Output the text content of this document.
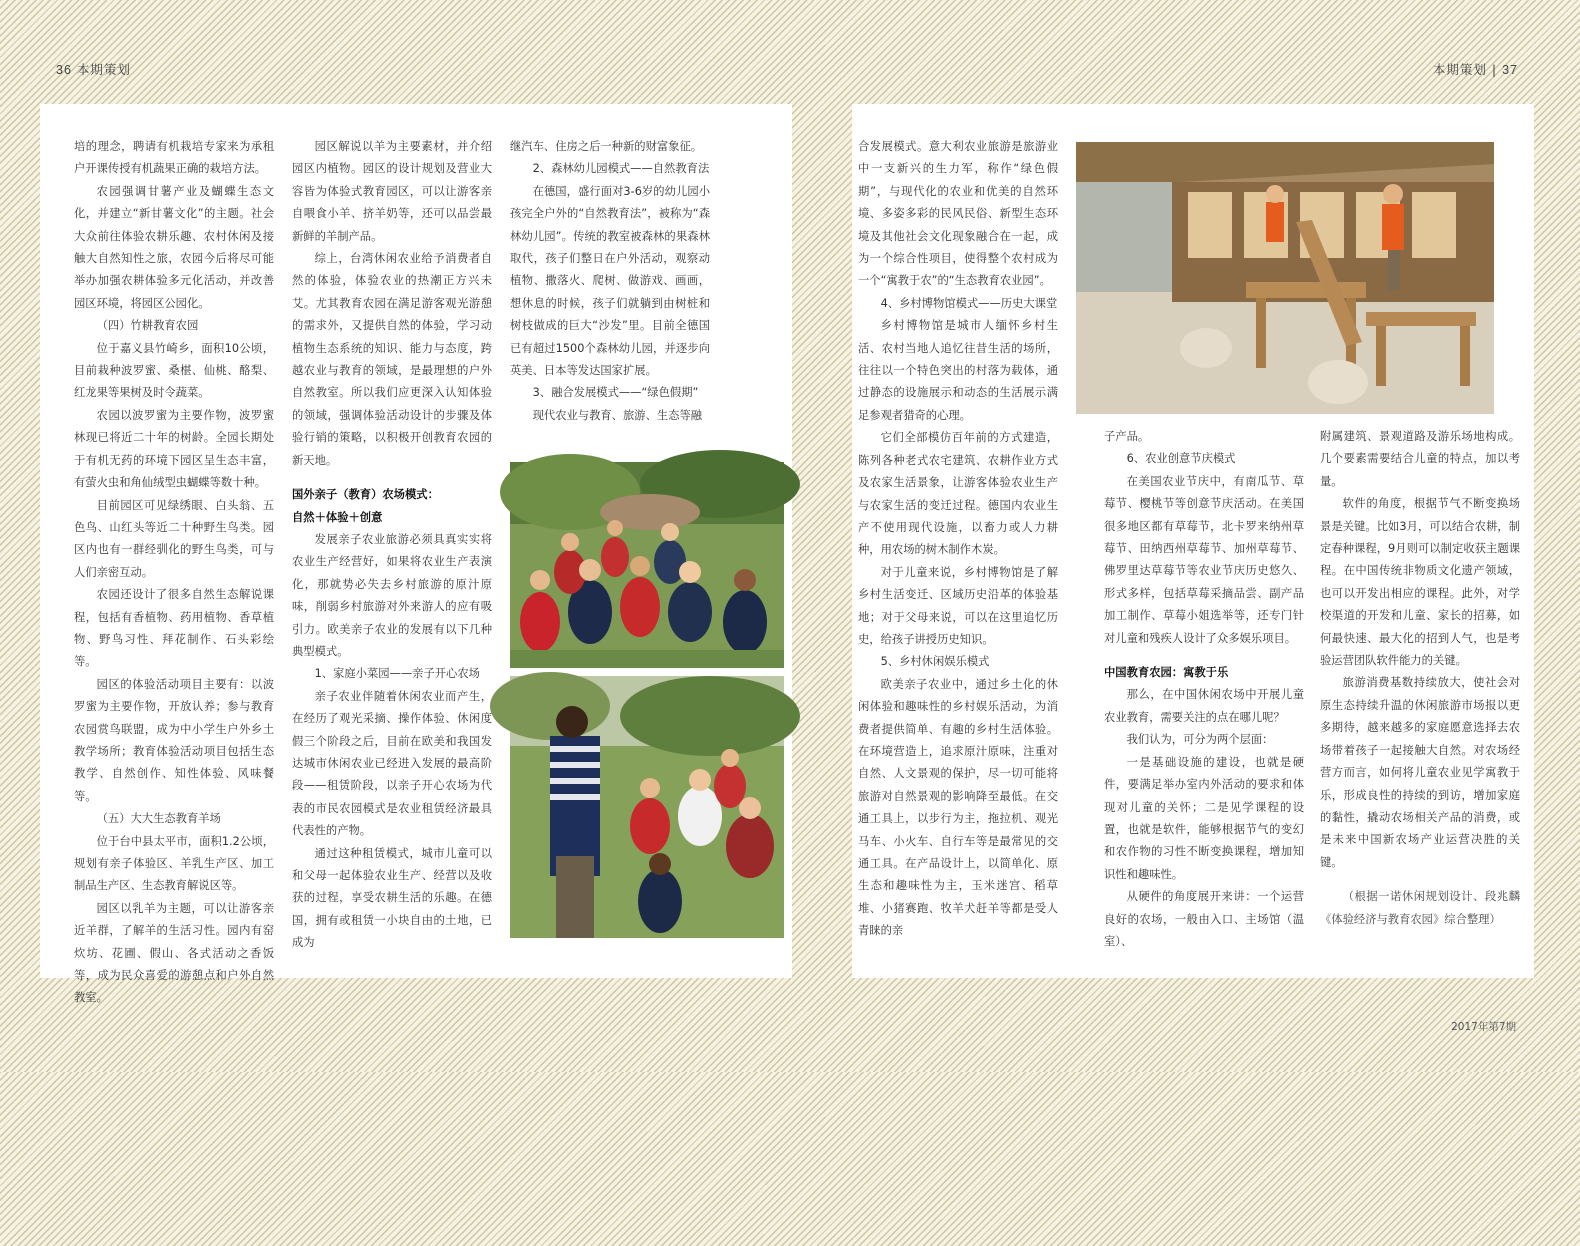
36 本期策划	本期策划 | 37

培的理念，聘请有机栽培专家来为承租户开课传授有机蔬果正确的栽培方法。

农园强调甘薯产业及蝴蝶生态文化，并建立“新甘薯文化”的主题。社会大众前往体验农耕乐趣、农村休闲及接触大自然知性之旅，农园今后将尽可能举办加强农耕体验多元化活动，并改善园区环境，将园区公园化。

（四）竹耕教育农园

位于嘉义县竹崎乡，面积10公顷，目前栽种波罗蜜、桑椹、仙桃、酪梨、红龙果等果树及时令蔬菜。

农园以波罗蜜为主要作物，波罗蜜林现已将近二十年的树龄。全园长期处于有机无药的环境下园区呈生态丰富，有萤火虫和角仙绒型虫蝴蝶等数十种。

目前园区可见绿绣眼、白头翁、五色鸟、山红头等近二十种野生鸟类。园区内也有一群经驯化的野生鸟类，可与人们亲密互动。

农园还设计了很多自然生态解说课程，包括有香植物、药用植物、香草植物、野鸟习性、拜花制作、石头彩绘等。

园区的体验活动项目主要有：以波罗蜜为主要作物，开放认养；参与教育农园赏鸟联盟，成为中小学生户外乡土教学场所；教育体验活动项目包括生态教学、自然创作、知性体验、风味餐等。

（五）大大生态教育羊场

位于台中县太平市，面积1.2公顷，规划有亲子体验区、羊乳生产区、加工制品生产区、生态教育解说区等。

园区以乳羊为主题，可以让游客亲近羊群，了解羊的生活习性。园内有窑炊坊、花圃、假山、各式活动之香饭等，成为民众喜爱的游憩点和户外自然教室。

园区解说以羊为主要素材，并介绍园区内植物。园区的设计规划及营业大容皆为体验式教育园区，可以让游客亲自喂食小羊、挤羊奶等，还可以品尝最新鲜的羊制产品。

综上，台湾休闲农业给予消费者自然的体验，体验农业的热潮正方兴未艾。尤其教育农园在满足游客观光游憩的需求外，又提供自然的体验，学习动植物生态系统的知识、能力与态度，跨越农业与教育的领域，是最理想的户外自然教室。所以我们应更深入认知体验的领域，强调体验活动设计的步骤及体验行销的策略，以积极开创教育农园的新天地。

国外亲子（教育）农场模式：

自然＋体验＋创意

发展亲子农业旅游必须具真实实将农业生产经营好，如果将农业生产表演化，那就势必失去乡村旅游的原汁原味，削弱乡村旅游对外来游人的应有吸引力。欧美亲子农业的发展有以下几种典型模式。

1、家庭小菜园——亲子开心农场

亲子农业伴随着休闲农业而产生，在经历了观光采摘、操作体验、休闲度假三个阶段之后，目前在欧美和我国发达城市休闲农业已经进入发展的最高阶段——租赁阶段，以亲子开心农场为代表的市民农园模式是农业租赁经济最具代表性的产物。

通过这种租赁模式，城市儿童可以和父母一起体验农业生产、经营以及收获的过程，享受农耕生活的乐趣。在德国，拥有或租赁一小块自由的土地，已成为

继汽车、住房之后一种新的财富象征。

2、森林幼儿园模式——自然教育法

在德国，盛行面对3-6岁的幼儿园小孩完全户外的“自然教育法”，被称为“森林幼儿园”。传统的教室被森林的果森林取代，孩子们整日在户外活动，观察动植物、撒落火、爬树、做游戏、画画，想休息的时候，孩子们就躺到由树桩和树枝做成的巨大“沙发”里。目前全德国已有超过1500个森林幼儿园，并逐步向英美、日本等发达国家扩展。

3、融合发展模式——“绿色假期”

现代农业与教育、旅游、生态等融

合发展模式。意大利农业旅游是旅游业中一支新兴的生力军，称作“绿色假期”，与现代化的农业和优美的自然环境、多姿多彩的民风民俗、新型生态环境及其他社会文化现象融合在一起，成为一个综合性项目，使得整个农村成为一个“寓教于农”的“生态教育农业园”。

4、乡村博物馆模式——历史大课堂

乡村博物馆是城市人缅怀乡村生活、农村当地人追忆往昔生活的场所，往往以一个特色突出的村落为载体，通过静态的设施展示和动态的生活展示满足参观者猎奇的心理。

它们全部模仿百年前的方式建造，陈列各种老式农宅建筑、农耕作业方式及农家生活景象，让游客体验农业生产与农家生活的变迁过程。德国内农业生产不使用现代设施，以畜力或人力耕种，用农场的树木制作木炭。

对于儿童来说，乡村博物馆是了解乡村生活变迁、区域历史沿革的体验基地；对于父母来说，可以在这里追忆历史，给孩子讲授历史知识。

5、乡村休闲娱乐模式

欧美亲子农业中，通过乡土化的休闲体验和趣味性的乡村娱乐活动，为消费者提供简单、有趣的乡村生活体验。在环境营造上，追求原汁原味，注重对自然、人文景观的保护，尽一切可能将旅游对自然景观的影响降至最低。在交通工具上，以步行为主，拖拉机、观光马车、小火车、自行车等是最常见的交通工具。在产品设计上，以简单化、原生态和趣味性为主，玉米迷宫、稻草堆、小猪赛跑、牧羊犬赶羊等都是受人青睐的亲

子产品。

6、农业创意节庆模式

在美国农业节庆中，有南瓜节、草莓节、樱桃节等创意节庆活动。在美国很多地区都有草莓节，北卡罗来纳州草莓节、田纳西州草莓节、加州草莓节、佛罗里达草莓节等农业节庆历史悠久、形式多样，包括草莓采摘品尝、副产品加工制作、草莓小姐选举等，还专门针对儿童和残疾人设计了众多娱乐项目。

中国教育农园：寓教于乐

那么，在中国休闲农场中开展儿童农业教育，需要关注的点在哪儿呢？

我们认为，可分为两个层面：

一是基础设施的建设，也就是硬件，要满足举办室内外活动的要求和体现对儿童的关怀；二是见学课程的设置，也就是软件，能够根据节气的变幻和农作物的习性不断变换课程，增加知识性和趣味性。

从硬件的角度展开来讲：一个运营良好的农场，一般由入口、主场馆（温室）、

附属建筑、景观道路及游乐场地构成。几个要素需要结合儿童的特点，加以考量。

软件的角度，根据节气不断变换场景是关键。比如3月，可以结合农耕，制定春种课程，9月则可以制定收获主题课程。在中国传统非物质文化遗产领域，也可以开发出相应的课程。此外，对学校渠道的开发和儿童、家长的招募，如何最快速、最大化的招到人气，也是考验运营团队软件能力的关键。

旅游消费基数持续放大，使社会对原生态持续升温的休闲旅游市场报以更多期待，越来越多的家庭愿意选择去农场带着孩子一起接触大自然。对农场经营方而言，如何将儿童农业见学寓教于乐，形成良性的持续的到访，增加家庭的黏性，撬动农场相关产品的消费，或是未来中国新农场产业运营决胜的关键。

（根据一诺休闲规划设计、段兆麟《体验经济与教育农园》综合整理）

2017年第7期
